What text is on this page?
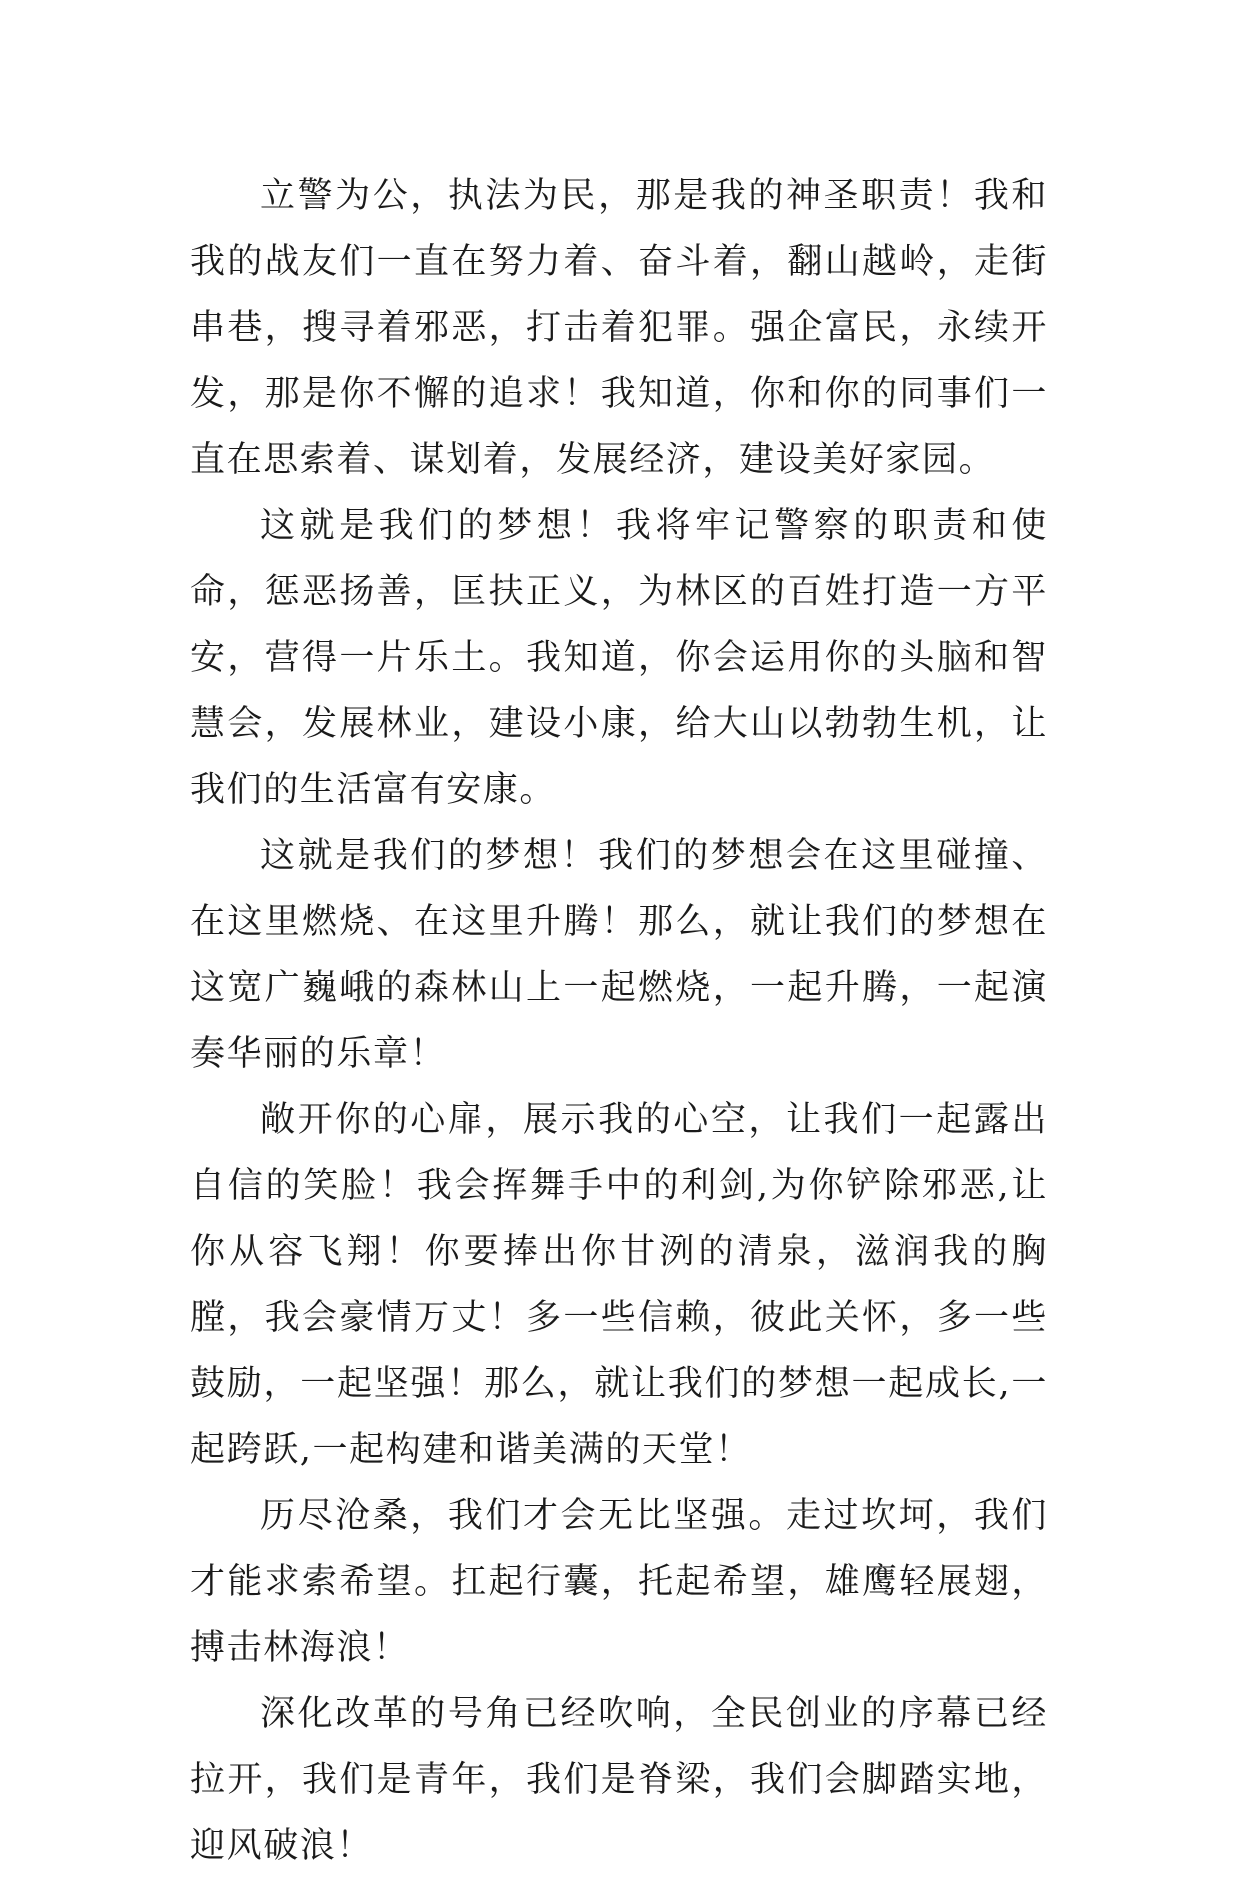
立警为公，执法为民，那是我的神圣职责！我和我的战友们一直在努力着、奋斗着，翻山越岭，走街串巷，搜寻着邪恶，打击着犯罪。强企富民，永续开发，那是你不懈的追求！我知道，你和你的同事们一直在思索着、谋划着，发展经济，建设美好家园。

这就是我们的梦想！我将牢记警察的职责和使命，惩恶扬善，匡扶正义，为林区的百姓打造一方平安，营得一片乐土。我知道，你会运用你的头脑和智慧会，发展林业，建设小康，给大山以勃勃生机，让我们的生活富有安康。

这就是我们的梦想！我们的梦想会在这里碰撞、在这里燃烧、在这里升腾！那么，就让我们的梦想在这宽广巍峨的森林山上一起燃烧，一起升腾，一起演奏华丽的乐章！

敞开你的心扉，展示我的心空，让我们一起露出自信的笑脸！我会挥舞手中的利剑,为你铲除邪恶,让你从容飞翔！你要捧出你甘洌的清泉，滋润我的胸膛，我会豪情万丈！多一些信赖，彼此关怀，多一些鼓励，一起坚强！那么，就让我们的梦想一起成长,一起跨跃,一起构建和谐美满的天堂！

历尽沧桑，我们才会无比坚强。走过坎坷，我们才能求索希望。扛起行囊，托起希望，雄鹰轻展翅，搏击林海浪！

深化改革的号角已经吹响，全民创业的序幕已经拉开，我们是青年，我们是脊梁，我们会脚踏实地，迎风破浪！
